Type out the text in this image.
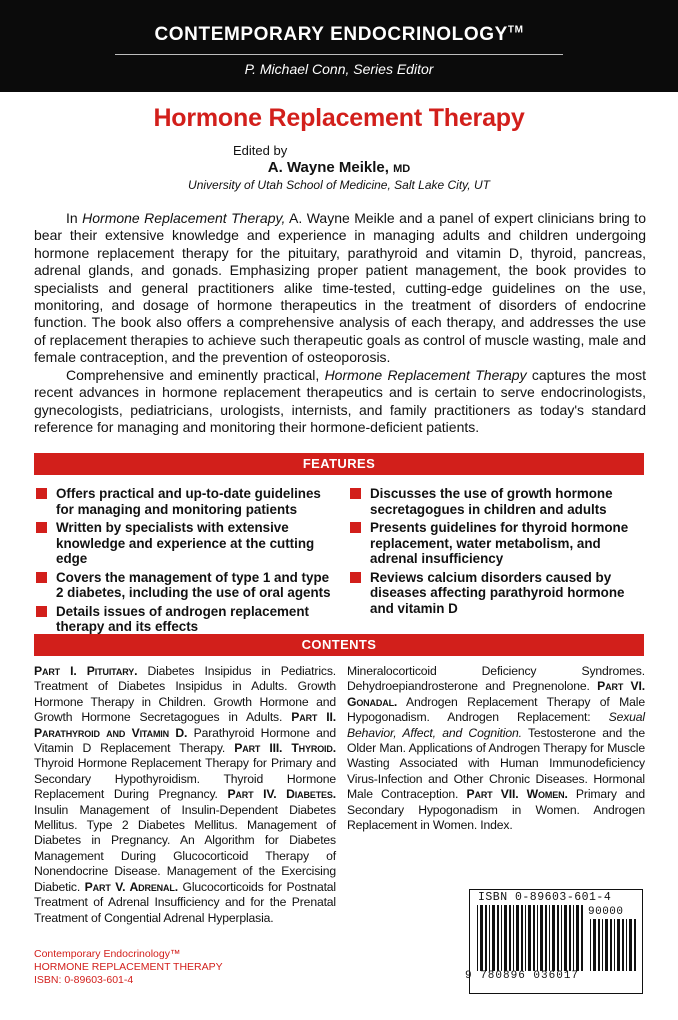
CONTEMPORARY ENDOCRINOLOGY™
P. Michael Conn, Series Editor
Hormone Replacement Therapy
Edited by
A. Wayne Meikle, MD
University of Utah School of Medicine, Salt Lake City, UT

In Hormone Replacement Therapy, A. Wayne Meikle and a panel of expert clinicians bring to bear their extensive knowledge and experience in managing adults and children undergoing hormone replacement therapy for the pituitary, parathyroid and vitamin D, thyroid, pancreas, adrenal glands, and gonads. Emphasizing proper patient management, the book provides to specialists and general practitioners alike time-tested, cutting-edge guidelines on the use, monitoring, and dosage of hormone therapeutics in the treatment of disorders of endocrine function. The book also offers a comprehensive analysis of each therapy, and addresses the use of replacement therapies to achieve such therapeutic goals as control of muscle wasting, male and female contraception, and the prevention of osteoporosis.

Comprehensive and eminently practical, Hormone Replacement Therapy captures the most recent advances in hormone replacement therapeutics and is certain to serve endocrinologists, gynecologists, pediatricians, urologists, internists, and family practitioners as today's standard reference for managing and monitoring their hormone-deficient patients.

FEATURES
Offers practical and up-to-date guidelines for managing and monitoring patients
Written by specialists with extensive knowledge and experience at the cutting edge
Covers the management of type 1 and type 2 diabetes, including the use of oral agents
Details issues of androgen replacement therapy and its effects
Discusses the use of growth hormone secretagogues in children and adults
Presents guidelines for thyroid hormone replacement, water metabolism, and adrenal insufficiency
Reviews calcium disorders caused by diseases affecting parathyroid hormone and vitamin D
CONTENTS
Part I. Pituitary. Diabetes Insipidus in Pediatrics. Treatment of Diabetes Insipidus in Adults. Growth Hormone Therapy in Children. Growth Hormone and Growth Hormone Secretagogues in Adults. Part II. Parathyroid and Vitamin D. Parathyroid Hormone and Vitamin D Replacement Therapy. Part III. Thyroid. Thyroid Hormone Replacement Therapy for Primary and Secondary Hypothyroidism. Thyroid Hormone Replacement During Pregnancy. Part IV. Diabetes. Insulin Management of Insulin-Dependent Diabetes Mellitus. Type 2 Diabetes Mellitus. Management of Diabetes in Pregnancy. An Algorithm for Diabetes Management During Glucocorticoid Therapy of Nonendocrine Disease. Management of the Exercising Diabetic. Part V. Adrenal. Glucocorticoids for Postnatal Treatment of Adrenal Insufficiency and for the Prenatal Treatment of Congential Adrenal Hyperplasia.
Mineralocorticoid Deficiency Syndromes. Dehydroepiandrosterone and Pregnenolone. Part VI. Gonadal. Androgen Replacement Therapy of Male Hypogonadism. Androgen Replacement: Sexual Behavior, Affect, and Cognition. Testosterone and the Older Man. Applications of Androgen Therapy for Muscle Wasting Associated with Human Immunodeficiency Virus-Infection and Other Chronic Diseases. Hormonal Male Contraception. Part VII. Women. Primary and Secondary Hypogonadism in Women. Androgen Replacement in Women. Index.
Contemporary Endocrinology™
HORMONE REPLACEMENT THERAPY
ISBN: 0-89603-601-4
ISBN 0-89603-601-4
90000
9 780896 036017
